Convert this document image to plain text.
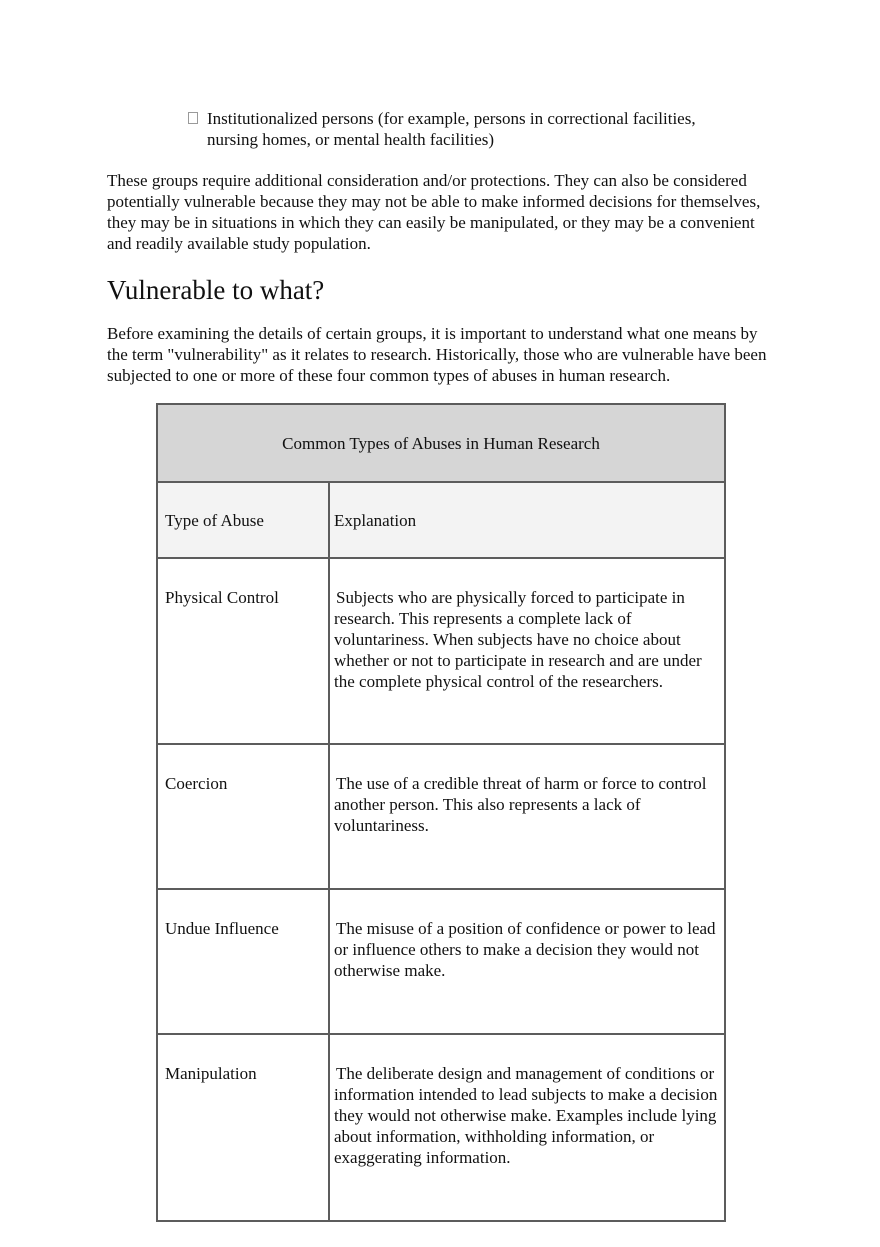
Institutionalized persons (for example, persons in correctional facilities, nursing homes, or mental health facilities)

These groups require additional consideration and/or protections. They can also be considered potentially vulnerable because they may not be able to make informed decisions for themselves, they may be in situations in which they can easily be manipulated, or they may be a convenient and readily available study population.

Vulnerable to what?

Before examining the details of certain groups, it is important to understand what one means by the term "vulnerability" as it relates to research. Historically, those who are vulnerable have been subjected to one or more of these four common types of abuses in human research.

Common Types of Abuses in Human Research	
Type of Abuse	Explanation
Physical Control	Subjects who are physically forced to participate in research. This represents a complete lack of voluntariness. When subjects have no choice about whether or not to participate in research and are under the complete physical control of the researchers.

Coercion	The use of a credible threat of harm or force to control another person. This also represents a lack of voluntariness.

Undue Influence	The misuse of a position of confidence or power to lead or influence others to make a decision they would not otherwise make.

Manipulation	The deliberate design and management of conditions or information intended to lead subjects to make a decision they would not otherwise make. Examples include lying about information, withholding information, or exaggerating information.
